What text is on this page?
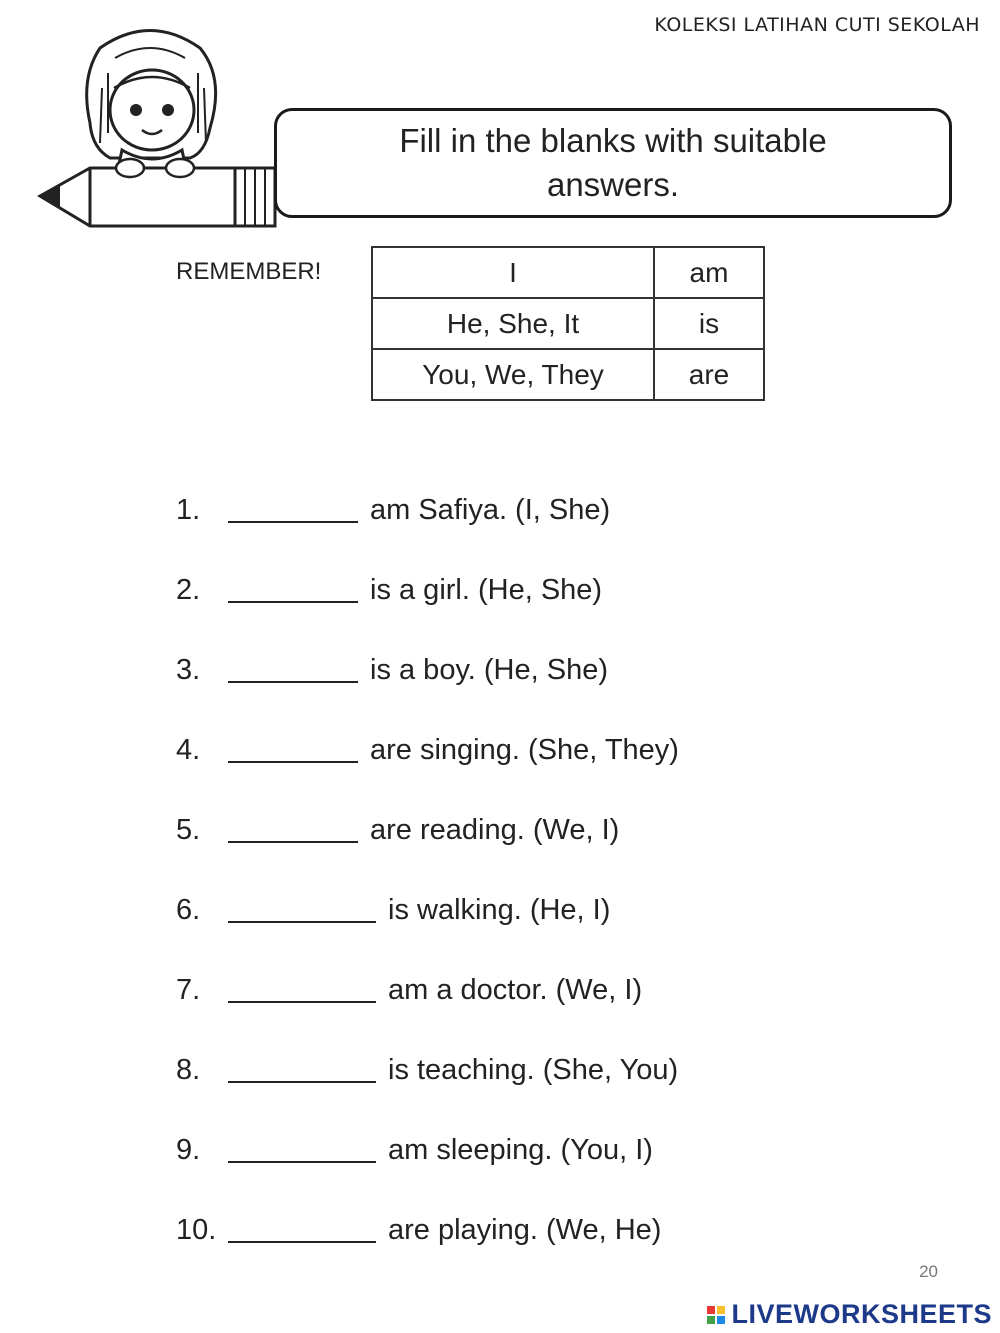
KOLEKSI LATIHAN CUTI SEKOLAH
Fill in the blanks with suitable answers.
REMEMBER!	I	am
He, She, It	is
You, We, They	are
1.	am Safiya. (I, She)
2.	is a girl. (He, She)
3.	is a boy. (He, She)
4.	are singing. (She, They)
5.	are reading. (We, I)
6.	is walking. (He, I)
7.	am a doctor. (We, I)
8.	is teaching. (She, You)
9.	am sleeping. (You, I)
10.	are playing. (We, He)
20
LIVEWORKSHEETS
